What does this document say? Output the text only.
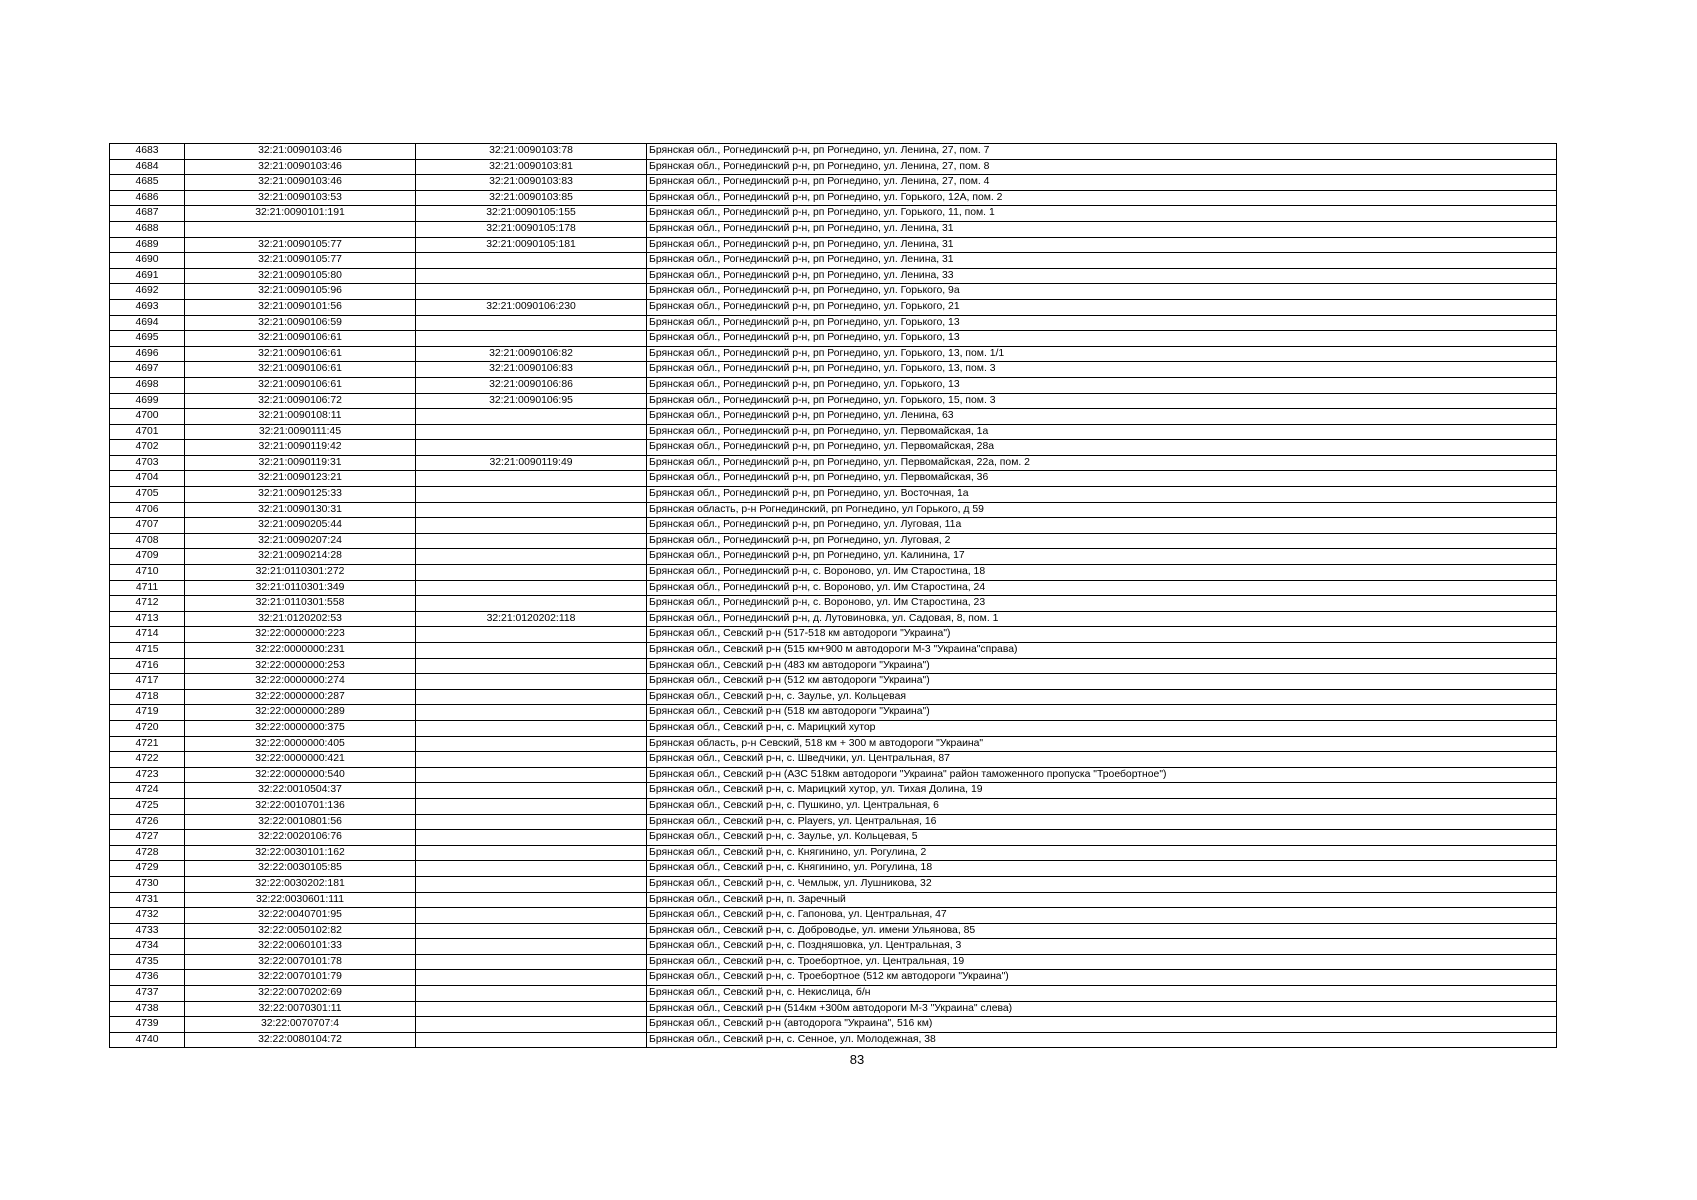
4683	32:21:0090103:46	32:21:0090103:78	Брянская обл., Рогнединский р-н, рп Рогнедино, ул. Ленина, 27, пом. 7
4684	32:21:0090103:46	32:21:0090103:81	Брянская обл., Рогнединский р-н, рп Рогнедино, ул. Ленина, 27, пом. 8
4685	32:21:0090103:46	32:21:0090103:83	Брянская обл., Рогнединский р-н, рп Рогнедино, ул. Ленина, 27, пом. 4
4686	32:21:0090103:53	32:21:0090103:85	Брянская обл., Рогнединский р-н, рп Рогнедино, ул. Горького, 12А, пом. 2
4687	32:21:0090101:191	32:21:0090105:155	Брянская обл., Рогнединский р-н, рп Рогнедино, ул. Горького, 11, пом. 1
4688		32:21:0090105:178	Брянская обл., Рогнединский р-н, рп Рогнедино, ул. Ленина, 31
4689	32:21:0090105:77	32:21:0090105:181	Брянская обл., Рогнединский р-н, рп Рогнедино, ул. Ленина, 31
4690	32:21:0090105:77		Брянская обл., Рогнединский р-н, рп Рогнедино, ул. Ленина, 31
4691	32:21:0090105:80		Брянская обл., Рогнединский р-н, рп Рогнедино, ул. Ленина, 33
4692	32:21:0090105:96		Брянская обл., Рогнединский р-н, рп Рогнедино, ул. Горького, 9а
4693	32:21:0090101:56	32:21:0090106:230	Брянская обл., Рогнединский р-н, рп Рогнедино, ул. Горького, 21
4694	32:21:0090106:59		Брянская обл., Рогнединский р-н, рп Рогнедино, ул. Горького, 13
4695	32:21:0090106:61		Брянская обл., Рогнединский р-н, рп Рогнедино, ул. Горького, 13
4696	32:21:0090106:61	32:21:0090106:82	Брянская обл., Рогнединский р-н, рп Рогнедино, ул. Горького, 13, пом. 1/1
4697	32:21:0090106:61	32:21:0090106:83	Брянская обл., Рогнединский р-н, рп Рогнедино, ул. Горького, 13, пом. 3
4698	32:21:0090106:61	32:21:0090106:86	Брянская обл., Рогнединский р-н, рп Рогнедино, ул. Горького, 13
4699	32:21:0090106:72	32:21:0090106:95	Брянская обл., Рогнединский р-н, рп Рогнедино, ул. Горького, 15, пом. 3
4700	32:21:0090108:11		Брянская обл., Рогнединский р-н, рп Рогнедино, ул. Ленина, 63
4701	32:21:0090111:45		Брянская обл., Рогнединский р-н, рп Рогнедино, ул. Первомайская, 1а
4702	32:21:0090119:42		Брянская обл., Рогнединский р-н, рп Рогнедино, ул. Первомайская, 28а
4703	32:21:0090119:31	32:21:0090119:49	Брянская обл., Рогнединский р-н, рп Рогнедино, ул. Первомайская, 22а, пом. 2
4704	32:21:0090123:21		Брянская обл., Рогнединский р-н, рп Рогнедино, ул. Первомайская, 36
4705	32:21:0090125:33		Брянская обл., Рогнединский р-н, рп Рогнедино, ул. Восточная, 1а
4706	32:21:0090130:31		Брянская область, р-н Рогнединский, рп Рогнедино, ул Горького, д 59
4707	32:21:0090205:44		Брянская обл., Рогнединский р-н, рп Рогнедино, ул. Луговая, 11а
4708	32:21:0090207:24		Брянская обл., Рогнединский р-н, рп Рогнедино, ул. Луговая, 2
4709	32:21:0090214:28		Брянская обл., Рогнединский р-н, рп Рогнедино, ул. Калинина, 17
4710	32:21:0110301:272		Брянская обл., Рогнединский р-н, с. Вороново, ул. Им Старостина, 18
4711	32:21:0110301:349		Брянская обл., Рогнединский р-н, с. Вороново, ул. Им Старостина, 24
4712	32:21:0110301:558		Брянская обл., Рогнединский р-н, с. Вороново, ул. Им Старостина, 23
4713	32:21:0120202:53	32:21:0120202:118	Брянская обл., Рогнединский р-н, д. Лутовиновка, ул. Садовая, 8, пом. 1
4714	32:22:0000000:223		Брянская обл., Севский р-н (517-518 км автодороги "Украина")
4715	32:22:0000000:231		Брянская обл., Севский р-н (515 км+900 м автодороги М-3 "Украина"справа)
4716	32:22:0000000:253		Брянская обл., Севский р-н (483 км автодороги "Украина")
4717	32:22:0000000:274		Брянская обл., Севский р-н (512 км автодороги "Украина")
4718	32:22:0000000:287		Брянская обл., Севский р-н, с. Заулье, ул. Кольцевая
4719	32:22:0000000:289		Брянская обл., Севский р-н (518 км автодороги "Украина")
4720	32:22:0000000:375		Брянская обл., Севский р-н, с. Марицкий хутор
4721	32:22:0000000:405		Брянская область, р-н Севский, 518 км + 300 м автодороги "Украина"
4722	32:22:0000000:421		Брянская обл., Севский р-н, с. Шведчики, ул. Центральная, 87
4723	32:22:0000000:540		Брянская обл., Севский р-н (АЗС 518км автодороги "Украина" район таможенного пропуска "Троебортное")
4724	32:22:0010504:37		Брянская обл., Севский р-н, с. Марицкий хутор, ул. Тихая Долина, 19
4725	32:22:0010701:136		Брянская обл., Севский р-н, с. Пушкино, ул. Центральная, 6
4726	32:22:0010801:56		Брянская обл., Севский р-н, с. Players, ул. Центральная, 16
4727	32:22:0020106:76		Брянская обл., Севский р-н, с. Заулье, ул. Кольцевая, 5
4728	32:22:0030101:162		Брянская обл., Севский р-н, с. Княгинино, ул. Рогулина, 2
4729	32:22:0030105:85		Брянская обл., Севский р-н, с. Княгинино, ул. Рогулина, 18
4730	32:22:0030202:181		Брянская обл., Севский р-н, с. Чемлыж, ул. Лушникова, 32
4731	32:22:0030601:111		Брянская обл., Севский р-н, п. Заречный
4732	32:22:0040701:95		Брянская обл., Севский р-н, с. Гапонова, ул. Центральная, 47
4733	32:22:0050102:82		Брянская обл., Севский р-н, с. Доброводье, ул. имени Ульянова, 85
4734	32:22:0060101:33		Брянская обл., Севский р-н, с. Поздняшовка, ул. Центральная, 3
4735	32:22:0070101:78		Брянская обл., Севский р-н, с. Троебортное, ул. Центральная, 19
4736	32:22:0070101:79		Брянская обл., Севский р-н, с. Троебортное (512 км автодороги "Украина")
4737	32:22:0070202:69		Брянская обл., Севский р-н, с. Некислица, б/н
4738	32:22:0070301:11		Брянская обл., Севский р-н (514км +300м автодороги М-3 "Украина" слева)
4739	32:22:0070707:4		Брянская обл., Севский р-н (автодорога "Украина", 516 км)
4740	32:22:0080104:72		Брянская обл., Севский р-н, с. Сенное, ул. Молодежная, 38
83
